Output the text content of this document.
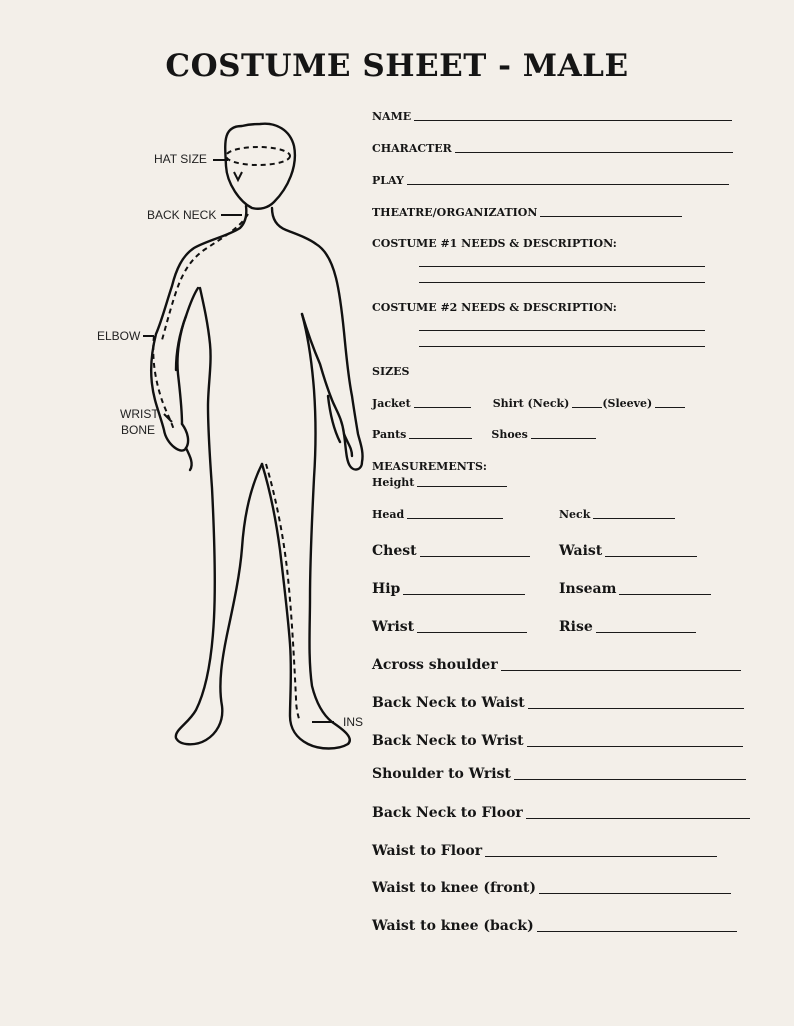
COSTUME SHEET - MALE
HAT SIZE
BACK NECK
ELBOW
WRIST
BONE
INS
NAME
CHARACTER
PLAY
THEATRE/ORGANIZATION
COSTUME #1 NEEDS & DESCRIPTION:
COSTUME #2 NEEDS & DESCRIPTION:
SIZES
Jacket	Shirt (Neck)	(Sleeve)
Pants	Shoes
MEASUREMENTS:
Height
Head	Neck
Chest	Waist
Hip	Inseam
Wrist	Rise
Across shoulder
Back Neck to Waist
Back Neck to Wrist
Shoulder to Wrist
Back Neck to Floor
Waist to Floor
Waist to knee (front)
Waist to knee (back)
